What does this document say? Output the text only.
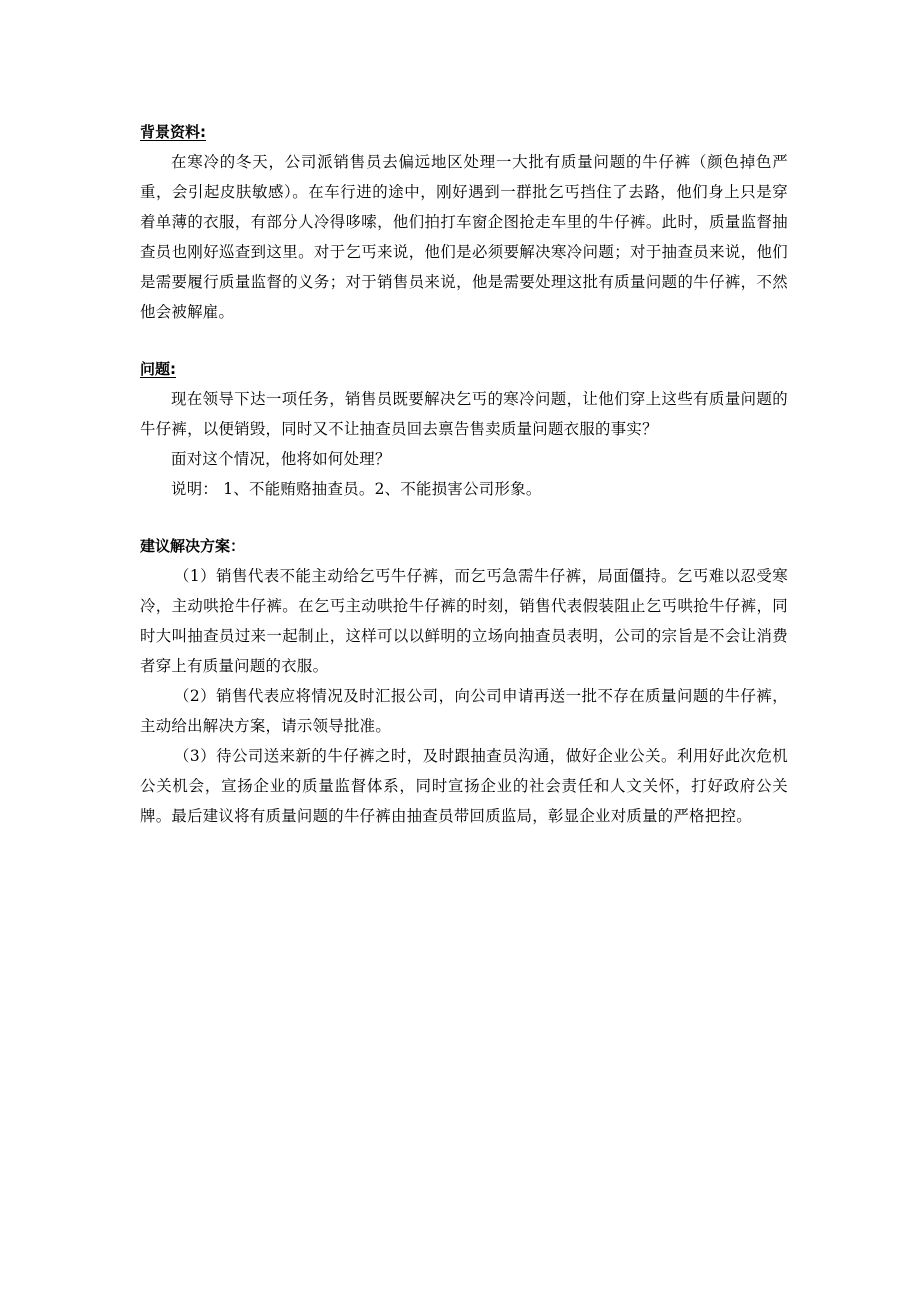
背景资料:

在寒冷的冬天，公司派销售员去偏远地区处理一大批有质量问题的牛仔裤（颜色掉色严重，会引起皮肤敏感）。在车行进的途中，刚好遇到一群批乞丐挡住了去路，他们身上只是穿着单薄的衣服，有部分人冷得哆嗦，他们拍打车窗企图抢走车里的牛仔裤。此时，质量监督抽查员也刚好巡查到这里。对于乞丐来说，他们是必须要解决寒冷问题；对于抽查员来说，他们是需要履行质量监督的义务；对于销售员来说，他是需要处理这批有质量问题的牛仔裤，不然他会被解雇。

问题:

现在领导下达一项任务，销售员既要解决乞丐的寒冷问题，让他们穿上这些有质量问题的牛仔裤，以便销毁，同时又不让抽查员回去禀告售卖质量问题衣服的事实？

面对这个情况，他将如何处理？

说明： 1、不能贿赂抽查员。2、不能损害公司形象。

建议解决方案：

（1）销售代表不能主动给乞丐牛仔裤，而乞丐急需牛仔裤，局面僵持。乞丐难以忍受寒冷，主动哄抢牛仔裤。在乞丐主动哄抢牛仔裤的时刻，销售代表假装阻止乞丐哄抢牛仔裤，同时大叫抽查员过来一起制止，这样可以以鲜明的立场向抽查员表明，公司的宗旨是不会让消费者穿上有质量问题的衣服。

（2）销售代表应将情况及时汇报公司，向公司申请再送一批不存在质量问题的牛仔裤，主动给出解决方案，请示领导批准。

（3）待公司送来新的牛仔裤之时，及时跟抽查员沟通，做好企业公关。利用好此次危机公关机会，宣扬企业的质量监督体系，同时宣扬企业的社会责任和人文关怀，打好政府公关牌。最后建议将有质量问题的牛仔裤由抽查员带回质监局，彰显企业对质量的严格把控。
